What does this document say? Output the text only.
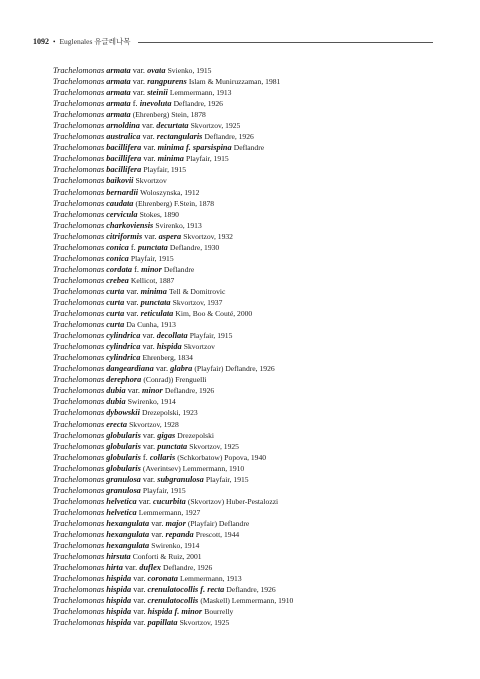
1092 • Euglenales 유글레나목
Trachelomonas armata var. ovata Svienko, 1915
Trachelomonas armata var. rangpurens Islam & Muniruzzaman, 1981
Trachelomonas armata var. steinii Lemmermann, 1913
Trachelomonas armata f. inevoluta Deflandre, 1926
Trachelomonas armata (Ehrenberg) Stein, 1878
Trachelomonas arnoldina var. decurtata Skvortzov, 1925
Trachelomonas australica var. rectangularis Deflandre, 1926
Trachelomonas bacillifera var. minima f. sparsispina Deflandre
Trachelomonas bacillifera var. minima Playfair, 1915
Trachelomonas bacillifera Playfair, 1915
Trachelomonas baikovii Skvortzov
Trachelomonas bernardii Woloszynska, 1912
Trachelomonas caudata (Ehrenberg) F.Stein, 1878
Trachelomonas cervicula Stokes, 1890
Trachelomonas charkoviensis Svirenko, 1913
Trachelomonas citriformis var. aspera Skvortzov, 1932
Trachelomonas conica f. punctata Deflandre, 1930
Trachelomonas conica Playfair, 1915
Trachelomonas cordata f. minor Deflandre
Trachelomonas crebea Kellicot, 1887
Trachelomonas curta var. minima Tell & Domitrovic
Trachelomonas curta var. punctata Skvortzov, 1937
Trachelomonas curta var. reticulata Kim, Boo & Couté, 2000
Trachelomonas curta Da Cunha, 1913
Trachelomonas cylindrica var. decollata Playfair, 1915
Trachelomonas cylindrica var. hispida Skvortzov
Trachelomonas cylindrica Ehrenberg, 1834
Trachelomonas dangeardiana var. glabra (Playfair) Deflandre, 1926
Trachelomonas derephora (Conrad)) Frenguelli
Trachelomonas dubia var. minor Deflandre, 1926
Trachelomonas dubia Swirenko, 1914
Trachelomonas dybowskii Drezepolski, 1923
Trachelomonas erecta Skvortzov, 1928
Trachelomonas globularis var. gigas Drezepolski
Trachelomonas globularis var. punctata Skvortzov, 1925
Trachelomonas globularis f. collaris (Schkorbatow) Popova, 1940
Trachelomonas globularis (Averintsev) Lemmermann, 1910
Trachelomonas granulosa var. subgranulosa Playfair, 1915
Trachelomonas granulosa Playfair, 1915
Trachelomonas helvetica var. cucurbita (Skvortzov) Huber-Pestalozzi
Trachelomonas helvetica Lemmermann, 1927
Trachelomonas hexangulata var. major (Playfair) Deflandre
Trachelomonas hexangulata var. repanda Prescott, 1944
Trachelomonas hexangulata Swirenko, 1914
Trachelomonas hirsuta Conforti & Ruiz, 2001
Trachelomonas hirta var. duflex Deflandre, 1926
Trachelomonas hispida var. coronata Lemmermann, 1913
Trachelomonas hispida var. crenulatocollis f. recta Deflandre, 1926
Trachelomonas hispida var. crenulatocollis (Maskell) Lemmermann, 1910
Trachelomonas hispida var. hispida f. minor Bourrelly
Trachelomonas hispida var. papillata Skvortzov, 1925
